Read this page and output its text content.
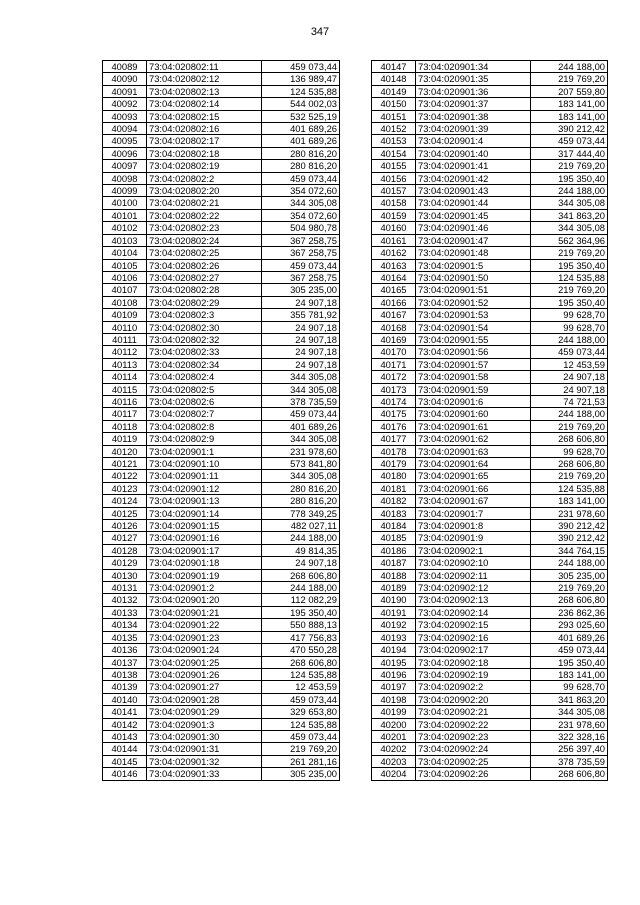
347
40089	73:04:020802:11	459 073,44
40090	73:04:020802:12	136 989,47
40091	73:04:020802:13	124 535,88
40092	73:04:020802:14	544 002,03
40093	73:04:020802:15	532 525,19
40094	73:04:020802:16	401 689,26
40095	73:04:020802:17	401 689,26
40096	73:04:020802:18	280 816,20
40097	73:04:020802:19	280 816,20
40098	73:04:020802:2	459 073,44
40099	73:04:020802:20	354 072,60
40100	73:04:020802:21	344 305,08
40101	73:04:020802:22	354 072,60
40102	73:04:020802:23	504 980,78
40103	73:04:020802:24	367 258,75
40104	73:04:020802:25	367 258,75
40105	73:04:020802:26	459 073,44
40106	73:04:020802:27	367 258,75
40107	73:04:020802:28	305 235,00
40108	73:04:020802:29	24 907,18
40109	73:04:020802:3	355 781,92
40110	73:04:020802:30	24 907,18
40111	73:04:020802:32	24 907,18
40112	73:04:020802:33	24 907,18
40113	73:04:020802:34	24 907,18
40114	73:04:020802:4	344 305,08
40115	73:04:020802:5	344 305,08
40116	73:04:020802:6	378 735,59
40117	73:04:020802:7	459 073,44
40118	73:04:020802:8	401 689,26
40119	73:04:020802:9	344 305,08
40120	73:04:020901:1	231 978,60
40121	73:04:020901:10	573 841,80
40122	73:04:020901:11	344 305,08
40123	73:04:020901:12	280 816,20
40124	73:04:020901:13	280 816,20
40125	73:04:020901:14	778 349,25
40126	73:04:020901:15	482 027,11
40127	73:04:020901:16	244 188,00
40128	73:04:020901:17	49 814,35
40129	73:04:020901:18	24 907,18
40130	73:04:020901:19	268 606,80
40131	73:04:020901:2	244 188,00
40132	73:04:020901:20	112 082,29
40133	73:04:020901:21	195 350,40
40134	73:04:020901:22	550 888,13
40135	73:04:020901:23	417 756,83
40136	73:04:020901:24	470 550,28
40137	73:04:020901:25	268 606,80
40138	73:04:020901:26	124 535,88
40139	73:04:020901:27	12 453,59
40140	73:04:020901:28	459 073,44
40141	73:04:020901:29	329 653,80
40142	73:04:020901:3	124 535,88
40143	73:04:020901:30	459 073,44
40144	73:04:020901:31	219 769,20
40145	73:04:020901:32	261 281,16
40146	73:04:020901:33	305 235,00
40147	73:04:020901:34	244 188,00
40148	73:04:020901:35	219 769,20
40149	73:04:020901:36	207 559,80
40150	73:04:020901:37	183 141,00
40151	73:04:020901:38	183 141,00
40152	73:04:020901:39	390 212,42
40153	73:04:020901:4	459 073,44
40154	73:04:020901:40	317 444,40
40155	73:04:020901:41	219 769,20
40156	73:04:020901:42	195 350,40
40157	73:04:020901:43	244 188,00
40158	73:04:020901:44	344 305,08
40159	73:04:020901:45	341 863,20
40160	73:04:020901:46	344 305,08
40161	73:04:020901:47	562 364,96
40162	73:04:020901:48	219 769,20
40163	73:04:020901:5	195 350,40
40164	73:04:020901:50	124 535,88
40165	73:04:020901:51	219 769,20
40166	73:04:020901:52	195 350,40
40167	73:04:020901:53	99 628,70
40168	73:04:020901:54	99 628,70
40169	73:04:020901:55	244 188,00
40170	73:04:020901:56	459 073,44
40171	73:04:020901:57	12 453,59
40172	73:04:020901:58	24 907,18
40173	73:04:020901:59	24 907,18
40174	73:04:020901:6	74 721,53
40175	73:04:020901:60	244 188,00
40176	73:04:020901:61	219 769,20
40177	73:04:020901:62	268 606,80
40178	73:04:020901:63	99 628,70
40179	73:04:020901:64	268 606,80
40180	73:04:020901:65	219 769,20
40181	73:04:020901:66	124 535,88
40182	73:04:020901:67	183 141,00
40183	73:04:020901:7	231 978,60
40184	73:04:020901:8	390 212,42
40185	73:04:020901:9	390 212,42
40186	73:04:020902:1	344 764,15
40187	73:04:020902:10	244 188,00
40188	73:04:020902:11	305 235,00
40189	73:04:020902:12	219 769,20
40190	73:04:020902:13	268 606,80
40191	73:04:020902:14	236 862,36
40192	73:04:020902:15	293 025,60
40193	73:04:020902:16	401 689,26
40194	73:04:020902:17	459 073,44
40195	73:04:020902:18	195 350,40
40196	73:04:020902:19	183 141,00
40197	73:04:020902:2	99 628,70
40198	73:04:020902:20	341 863,20
40199	73:04:020902:21	344 305,08
40200	73:04:020902:22	231 978,60
40201	73:04:020902:23	322 328,16
40202	73:04:020902:24	256 397,40
40203	73:04:020902:25	378 735,59
40204	73:04:020902:26	268 606,80
